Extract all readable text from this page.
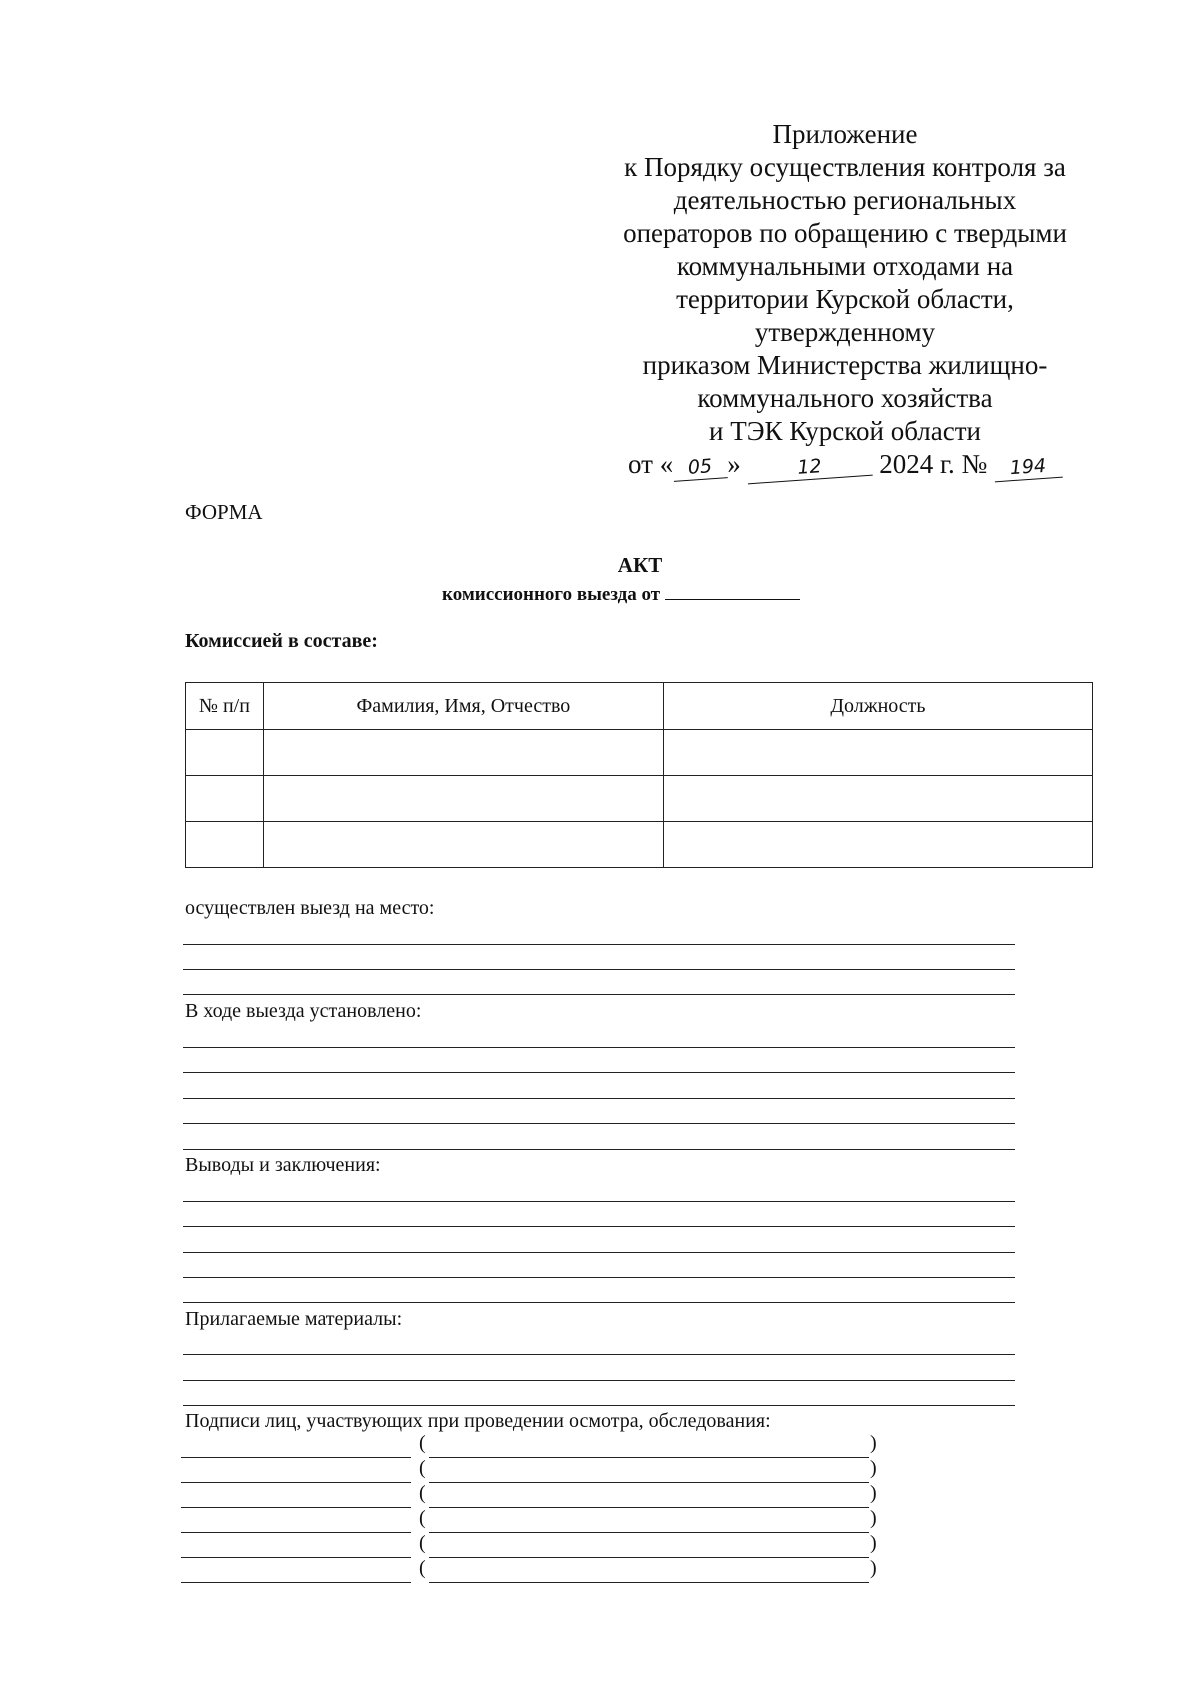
Приложение
к Порядку осуществления контроля за
деятельностью региональных
операторов по обращению с твердыми
коммунальными отходами на
территории Курской области,
утвержденному
приказом Министерства жилищно-
коммунального хозяйства
и ТЭК Курской области
от « 05 »	12 2024 г. № 194
ФОРМА
АКТ
комиссионного выезда от
Комиссией в составе:
№ п/п	Фамилия, Имя, Отчество	Должность

осуществлен выезд на место:
В ходе выезда установлено:
Выводы и заключения:
Прилагаемые материалы:
Подписи лиц, участвующих при проведении осмотра, обследования:
(	)
(	)
(	)
(	)
(	)
(	)
